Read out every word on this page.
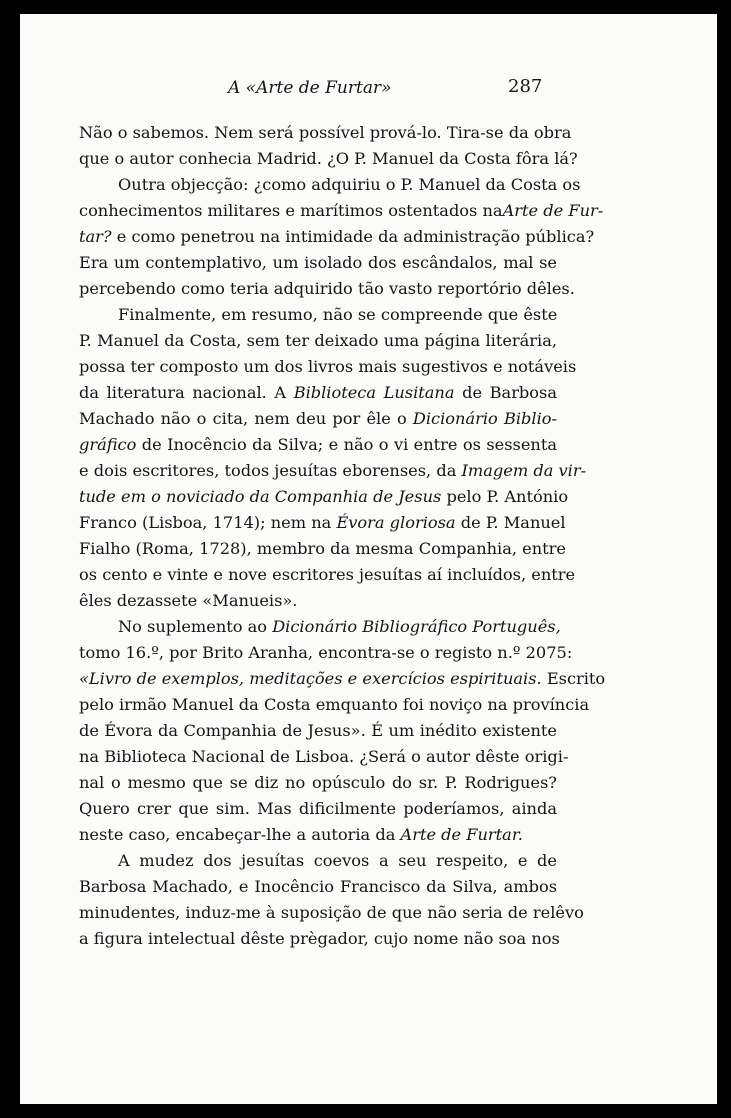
A «Arte de Furtar»	287
Não o sabemos. Nem será possível prová-lo. Tira-se da obra
que o autor conhecia Madrid. ¿O P. Manuel da Costa fôra lá?
Outra objecção: ¿como adquiriu o P. Manuel da Costa os
conhecimentos militares e marítimos ostentados naArte de Fur-
tar? e como penetrou na intimidade da administração pública?
Era um contemplativo, um isolado dos escândalos, mal se
percebendo como teria adquirido tão vasto reportório dêles.
Finalmente, em resumo, não se compreende que êste
P. Manuel da Costa, sem ter deixado uma página literária,
possa ter composto um dos livros mais sugestivos e notáveis
da literatura nacional. A Biblioteca Lusitana de Barbosa
Machado não o cita, nem deu por êle o Dicionário Biblio-
gráfico de Inocêncio da Silva; e não o vi entre os sessenta
e dois escritores, todos jesuítas eborenses, da Imagem da vir-
tude em o noviciado da Companhia de Jesus pelo P. António
Franco (Lisboa, 1714); nem na Évora gloriosa de P. Manuel
Fialho (Roma, 1728), membro da mesma Companhia, entre
os cento e vinte e nove escritores jesuítas aí incluídos, entre
êles dezassete «Manueis».
No suplemento ao Dicionário Bibliográfico Português,
tomo 16.º, por Brito Aranha, encontra-se o registo n.º 2075:
«Livro de exemplos, meditações e exercícios espirituais. Escrito
pelo irmão Manuel da Costa emquanto foi noviço na província
de Évora da Companhia de Jesus». É um inédito existente
na Biblioteca Nacional de Lisboa. ¿Será o autor dêste origi-
nal o mesmo que se diz no opúsculo do sr. P. Rodrigues?
Quero crer que sim. Mas dificilmente poderíamos, ainda
neste caso, encabeçar-lhe a autoria da Arte de Furtar.
A mudez dos jesuítas coevos a seu respeito, e de
Barbosa Machado, e Inocêncio Francisco da Silva, ambos
minudentes, induz-me à suposição de que não seria de relêvo
a figura intelectual dêste prègador, cujo nome não soa nos
